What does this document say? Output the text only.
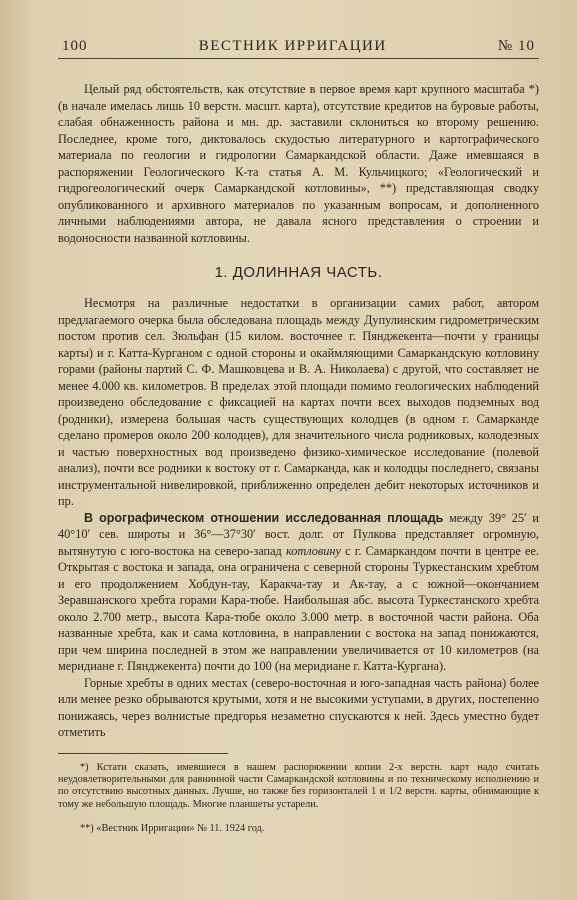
100	ВЕСТНИК ИРРИГАЦИИ	№ 10

Целый ряд обстоятельств, как отсутствие в первое время карт крупного масштаба *) (в начале имелась лишь 10 верстн. масшт. карта), отсутствие кредитов на буровые работы, слабая обнаженность района и мн. др. заставили склониться ко второму решению. Последнее, кроме того, диктовалось скудостью литературного и картографического материала по геологии и гидрологии Самаркандской области. Даже имевшаяся в распоряжении Геологического К-та статья А. М. Кульчицкого; «Геологический и гидрогеологический очерк Самаркандской котловины», **) представляющая сводку опубликованного и архивного материалов по указанным вопросам, и дополненного личными наблюдениями автора, не давала ясного представления о строении и водоносности названной котловины.

1. ДОЛИННАЯ ЧАСТЬ.

Несмотря на различные недостатки в организации самих работ, автором предлагаемого очерка была обследована площадь между Дупулинским гидрометрическим постом против сел. Зюльфан (15 килом. восточнее г. Пянджекента—почти у границы карты) и г. Катта-Курганом с одной стороны и окаймляющими Самаркандскую котловину горами (районы партий С. Ф. Машковцева и В. А. Николаева) с другой, что составляет не менее 4.000 кв. километров. В пределах этой площади помимо геологических наблюдений произведено обследование с фиксацией на картах почти всех выходов подземных вод (родники), измерена большая часть существующих колодцев (в одном г. Самарканде сделано промеров около 200 колодцев), для значительного числа родниковых, колодезных и частью поверхностных вод произведено физико-химическое исследование (полевой анализ), почти все родники к востоку от г. Самарканда, как и колодцы последнего, связаны инструментальной нивелировкой, приближенно определен дебит некоторых источников и пр.

В орографическом отношении исследованная площадь между 39° 25′ и 40°10′ сев. широты и 36°—37°30′ вост. долг. от Пулкова представляет огромную, вытянутую с юго-востока на северо-запад котловину с г. Самаркандом почти в центре ее. Открытая с востока и запада, она ограничена с северной стороны Туркестанским хребтом и его продолжением Хобдун-тау, Каракча-тау и Ак-тау, а с южной—окончанием Зеравшанского хребта горами Кара-тюбе. Наибольшая абс. высота Туркестанского хребта около 2.700 метр., высота Кара-тюбе около 3.000 метр. в восточной части района. Оба названные хребта, как и сама котловина, в направлении с востока на запад понижаются, при чем ширина последней в этом же направлении увеличивается от 10 километров (на меридиане г. Пянджекента) почти до 100 (на меридиане г. Катта-Кургана).

Горные хребты в одних местах (северо-восточная и юго-западная часть района) более или менее резко обрываются крутыми, хотя и не высокими уступами, в других, постепенно понижаясь, через волнистые предгорья незаметно спускаются к ней. Здесь уместно будет отметить

*) Кстати сказать, имевшиеся в нашем распоряжении копии 2-х верстн. карт надо считать неудовлетворительными для равнинной части Самаркандской котловины и по техническому исполнению и по отсутствию высотных данных. Лучше, но также без горизонталей 1 и 1/2 верстн. карты, обнимающие к тому же небольшую площадь. Многие планшеты устарели.

**) «Вестник Ирригации» № 11. 1924 год.
